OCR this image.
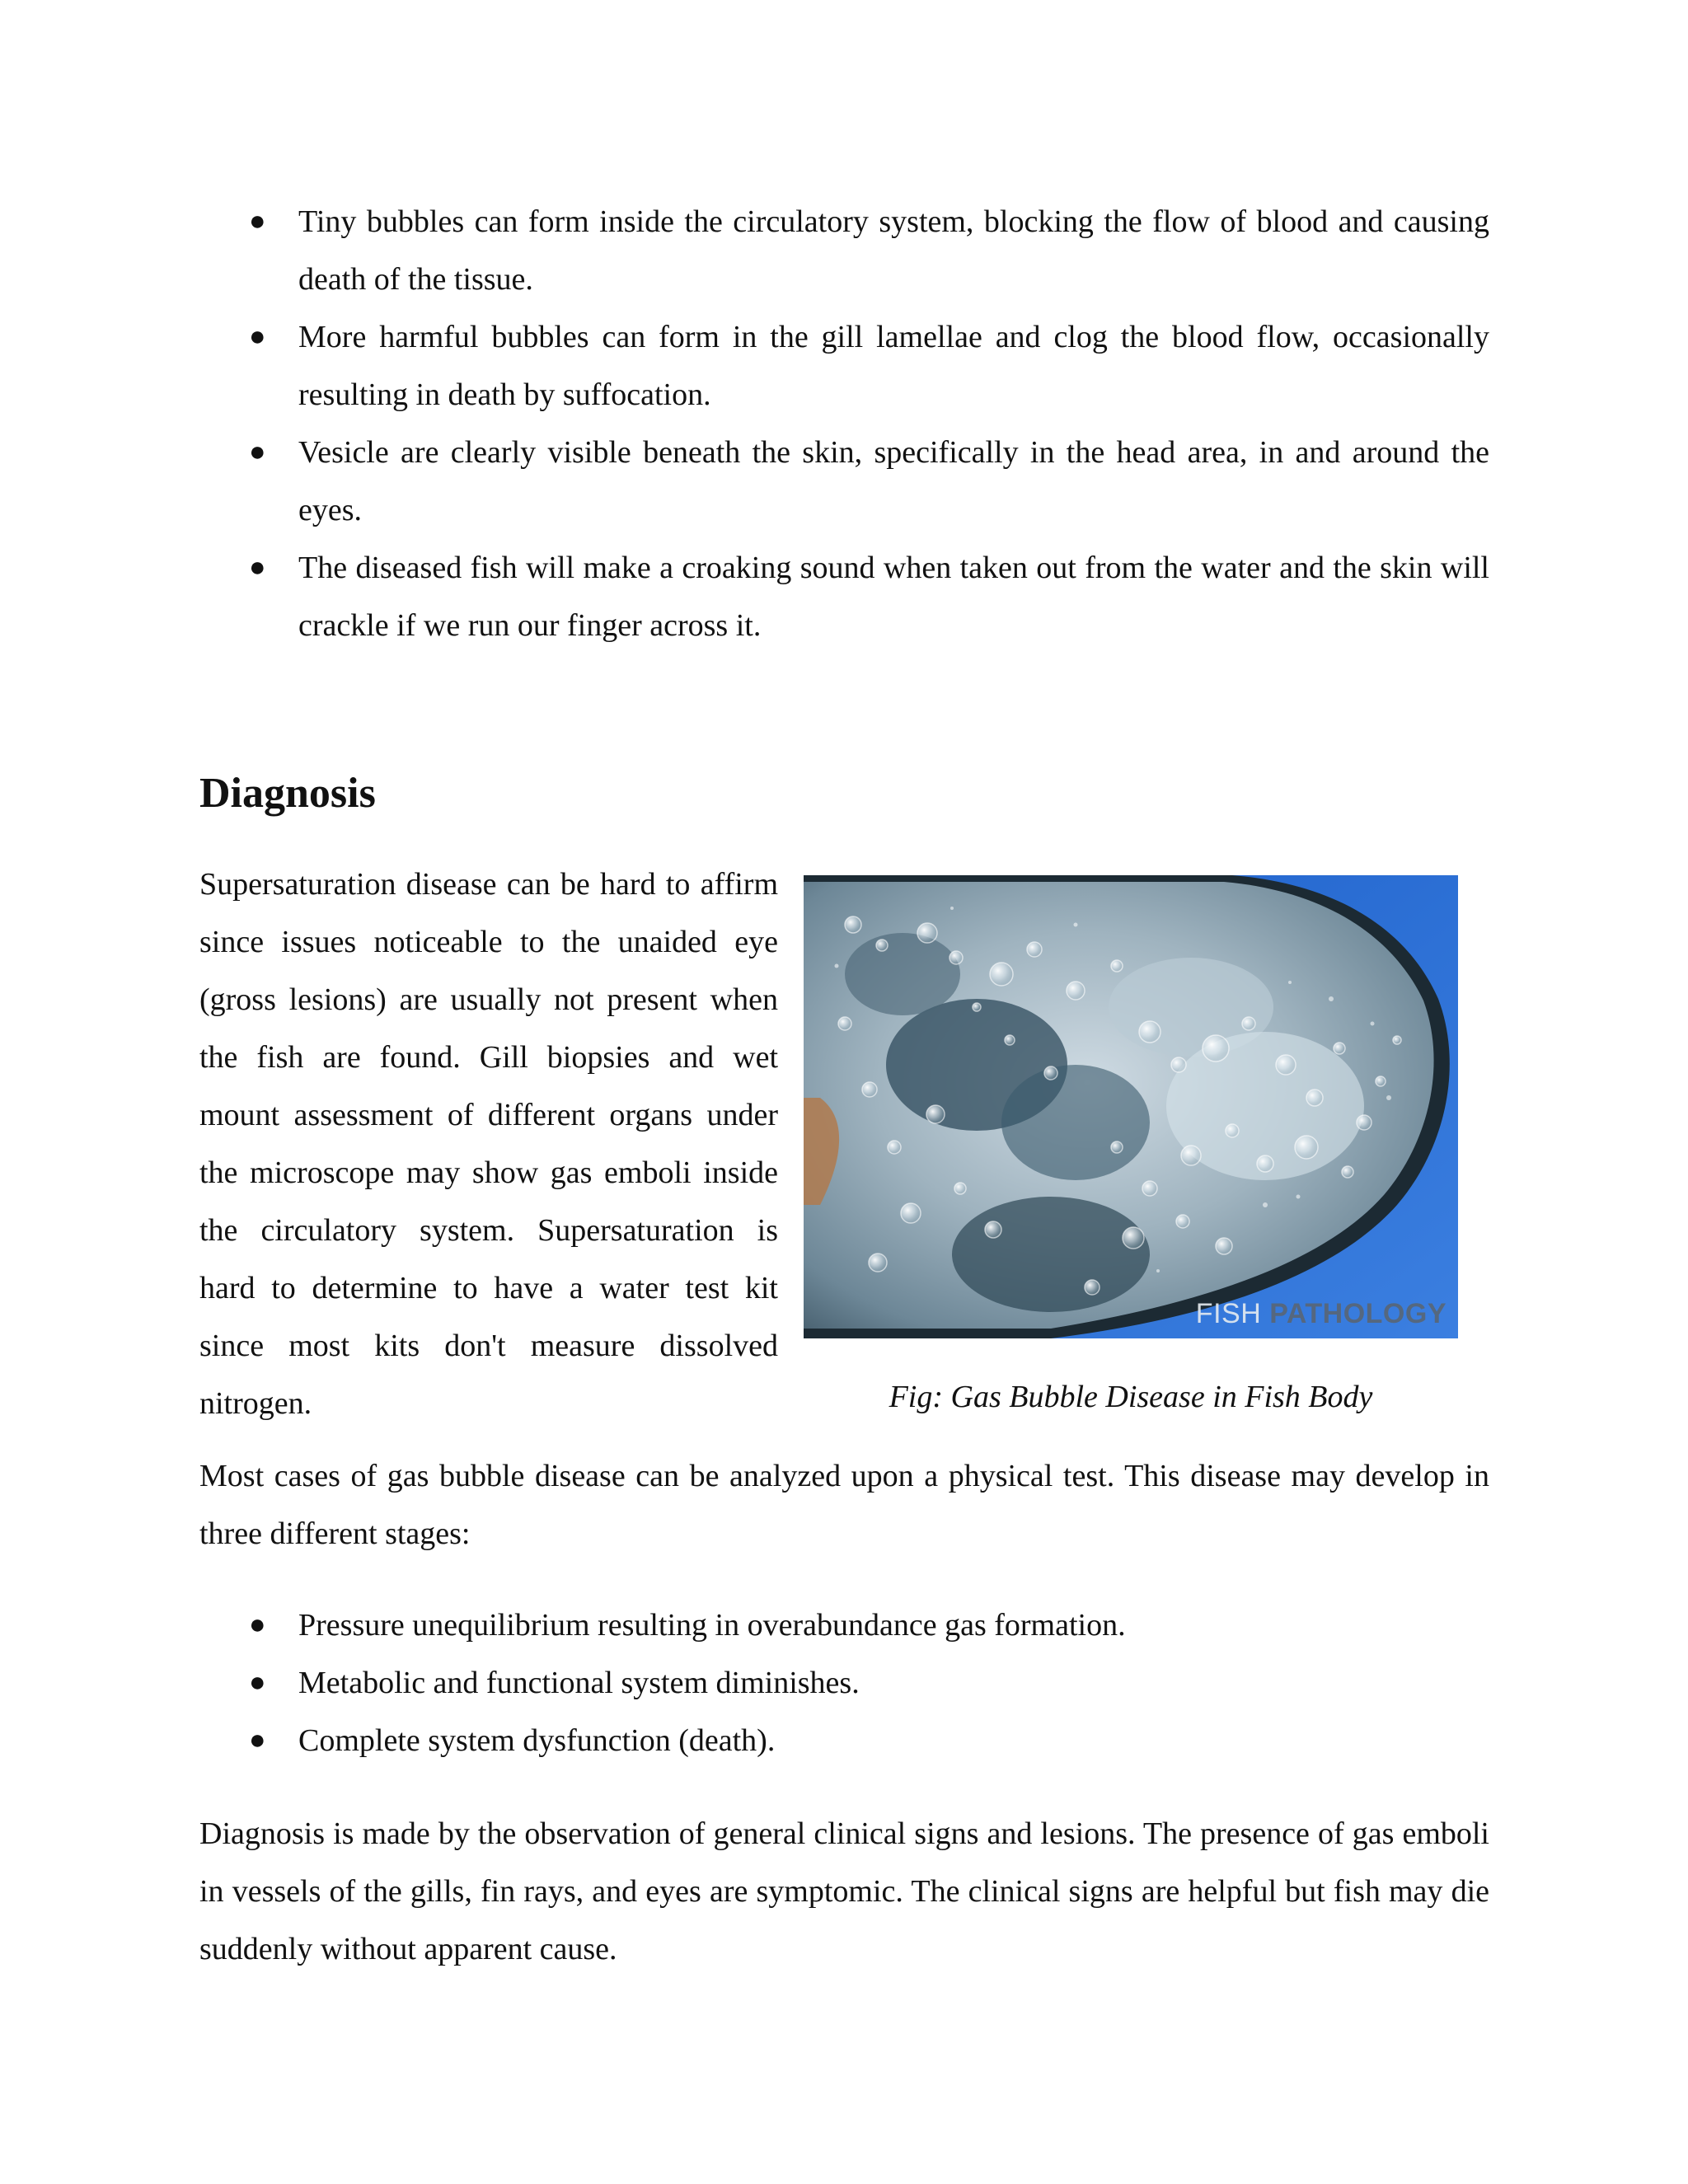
● Tiny bubbles can form inside the circulatory system, blocking the flow of blood and causing death of the tissue.
● More harmful bubbles can form in the gill lamellae and clog the blood flow, occasionally resulting in death by suffocation.
● Vesicle are clearly visible beneath the skin, specifically in the head area, in and around the eyes.
● The diseased fish will make a croaking sound when taken out from the water and the skin will crackle if we run our finger across it.
Diagnosis

Supersaturation disease can be hard to affirm since issues noticeable to the unaided eye (gross lesions) are usually not present when the fish are found. Gill biopsies and wet mount assessment of different organs under the microscope may show gas emboli inside the circulatory system. Supersaturation is hard to determine to have a water test kit since most kits don't measure dissolved nitrogen.

FISH PATHOLOGY

Fig: Gas Bubble Disease in Fish Body

Most cases of gas bubble disease can be analyzed upon a physical test. This disease may develop in three different stages:

● Pressure unequilibrium resulting in overabundance gas formation.
● Metabolic and functional system diminishes.
● Complete system dysfunction (death).

Diagnosis is made by the observation of general clinical signs and lesions. The presence of gas emboli in vessels of the gills, fin rays, and eyes are symptomic. The clinical signs are helpful but fish may die suddenly without apparent cause.
